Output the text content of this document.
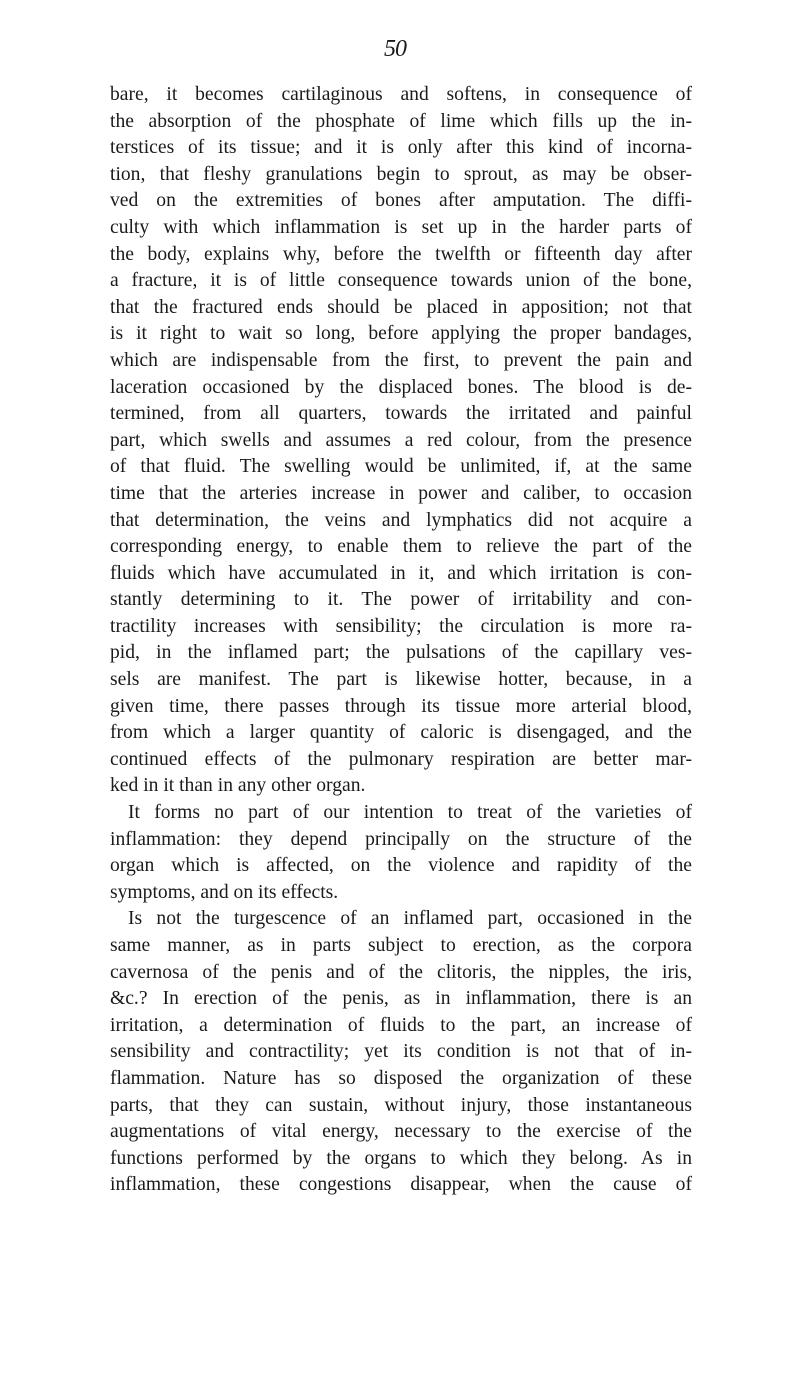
50
bare, it becomes cartilaginous and softens, in consequence of
the absorption of the phosphate of lime which fills up the in-
terstices of its tissue; and it is only after this kind of incorna-
tion, that fleshy granulations begin to sprout, as may be obser-
ved on the extremities of bones after amputation. The diffi-
culty with which inflammation is set up in the harder parts of
the body, explains why, before the twelfth or fifteenth day after
a fracture, it is of little consequence towards union of the bone,
that the fractured ends should be placed in apposition; not that
is it right to wait so long, before applying the proper bandages,
which are indispensable from the first, to prevent the pain and
laceration occasioned by the displaced bones. The blood is de-
termined, from all quarters, towards the irritated and painful
part, which swells and assumes a red colour, from the presence
of that fluid. The swelling would be unlimited, if, at the same
time that the arteries increase in power and caliber, to occasion
that determination, the veins and lymphatics did not acquire a
corresponding energy, to enable them to relieve the part of the
fluids which have accumulated in it, and which irritation is con-
stantly determining to it. The power of irritability and con-
tractility increases with sensibility; the circulation is more ra-
pid, in the inflamed part; the pulsations of the capillary ves-
sels are manifest. The part is likewise hotter, because, in a
given time, there passes through its tissue more arterial blood,
from which a larger quantity of caloric is disengaged, and the
continued effects of the pulmonary respiration are better mar-
ked in it than in any other organ.
It forms no part of our intention to treat of the varieties of
inflammation: they depend principally on the structure of the
organ which is affected, on the violence and rapidity of the
symptoms, and on its effects.
Is not the turgescence of an inflamed part, occasioned in the
same manner, as in parts subject to erection, as the corpora
cavernosa of the penis and of the clitoris, the nipples, the iris,
&c.? In erection of the penis, as in inflammation, there is an
irritation, a determination of fluids to the part, an increase of
sensibility and contractility; yet its condition is not that of in-
flammation. Nature has so disposed the organization of these
parts, that they can sustain, without injury, those instantaneous
augmentations of vital energy, necessary to the exercise of the
functions performed by the organs to which they belong. As in
inflammation, these congestions disappear, when the cause of
